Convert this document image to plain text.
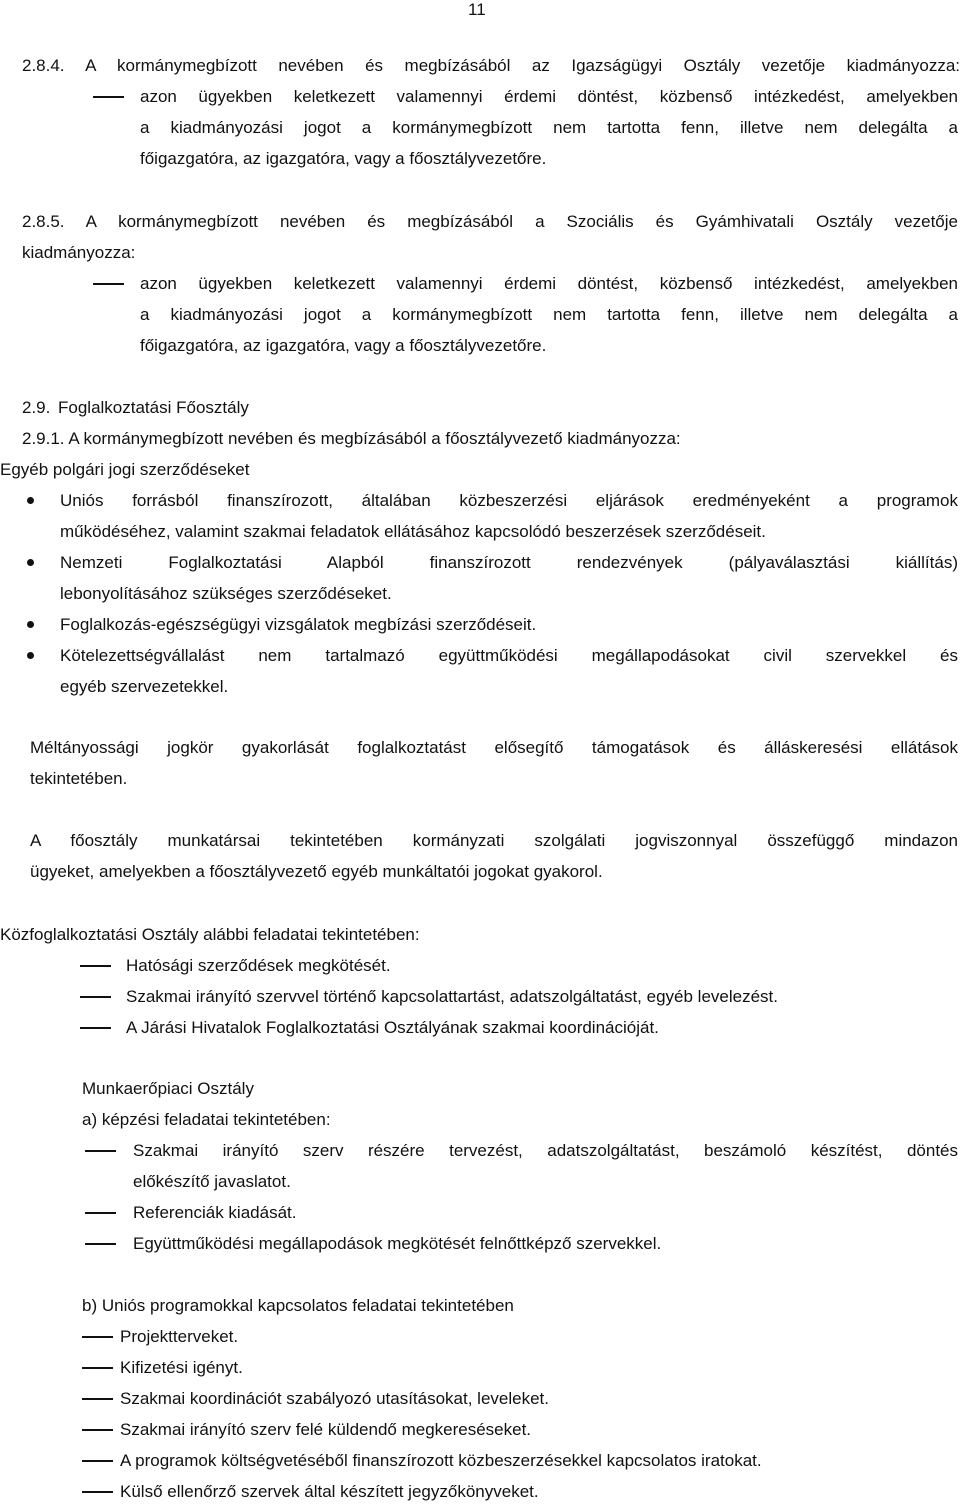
11
2.8.4. A kormánymegbízott nevében és megbízásából az Igazságügyi Osztály vezetője kiadmányozza:
azon ügyekben keletkezett valamennyi érdemi döntést, közbenső intézkedést, amelyekben
a kiadmányozási jogot a kormánymegbízott nem tartotta fenn, illetve nem delegálta a
főigazgatóra, az igazgatóra, vagy a főosztályvezetőre.
2.8.5. A kormánymegbízott nevében és megbízásából a Szociális és Gyámhivatali Osztály vezetője
kiadmányozza:
azon ügyekben keletkezett valamennyi érdemi döntést, közbenső intézkedést, amelyekben
a kiadmányozási jogot a kormánymegbízott nem tartotta fenn, illetve nem delegálta a
főigazgatóra, az igazgatóra, vagy a főosztályvezetőre.
2.9. Foglalkoztatási Főosztály
2.9.1. A kormánymegbízott nevében és megbízásából a főosztályvezető kiadmányozza:
Egyéb polgári jogi szerződéseket
Uniós forrásból finanszírozott, általában közbeszerzési eljárások eredményeként a programok
működéséhez, valamint szakmai feladatok ellátásához kapcsolódó beszerzések szerződéseit.
Nemzeti Foglalkoztatási Alapból finanszírozott rendezvények (pályaválasztási kiállítás)
lebonyolításához szükséges szerződéseket.
Foglalkozás-egészségügyi vizsgálatok megbízási szerződéseit.
Kötelezettségvállalást nem tartalmazó együttműködési megállapodásokat civil szervekkel és
egyéb szervezetekkel.
Méltányossági jogkör gyakorlását foglalkoztatást elősegítő támogatások és álláskeresési ellátások
tekintetében.
A főosztály munkatársai tekintetében kormányzati szolgálati jogviszonnyal összefüggő mindazon
ügyeket, amelyekben a főosztályvezető egyéb munkáltatói jogokat gyakorol.
Közfoglalkoztatási Osztály alábbi feladatai tekintetében:
Hatósági szerződések megkötését.
Szakmai irányító szervvel történő kapcsolattartást, adatszolgáltatást, egyéb levelezést.
A Járási Hivatalok Foglalkoztatási Osztályának szakmai koordinációját.
Munkaerőpiaci Osztály
a) képzési feladatai tekintetében:
Szakmai irányító szerv részére tervezést, adatszolgáltatást, beszámoló készítést, döntés
előkészítő javaslatot.
Referenciák kiadását.
Együttműködési megállapodások megkötését felnőttképző szervekkel.
b) Uniós programokkal kapcsolatos feladatai tekintetében
Projektterveket.
Kifizetési igényt.
Szakmai koordinációt szabályozó utasításokat, leveleket.
Szakmai irányító szerv felé küldendő megkereséseket.
A programok költségvetéséből finanszírozott közbeszerzésekkel kapcsolatos iratokat.
Külső ellenőrző szervek által készített jegyzőkönyveket.
